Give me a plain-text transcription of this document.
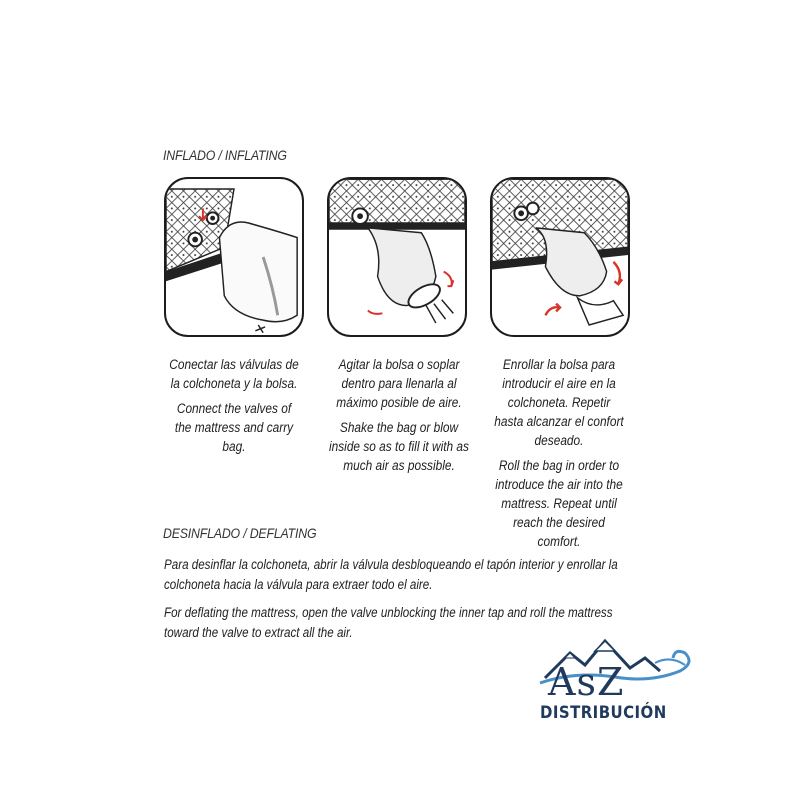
INFLADO / INFLATING

Conectar las válvulas de la colchoneta y la bolsa.

Connect the valves of the mattress and carry bag.

Agitar la bolsa o soplar dentro para llenarla al máximo posible de aire.

Shake the bag or blow inside so as to fill it with as much air as possible.

Enrollar la bolsa para introducir el aire en la colchoneta. Repetir hasta alcanzar el confort deseado.

Roll the bag in order to introduce the air into the mattress. Repeat until reach the desired comfort.

DESINFLADO / DEFLATING

Para desinflar la colchoneta, abrir la válvula desbloqueando el tapón interior y enrollar la
colchoneta hacia la válvula para extraer todo el aire.

For deflating the mattress, open the valve unblocking the inner tap and roll the mattress
toward the valve to extract all the air.

AsZ
DISTRIBUCIÓN
